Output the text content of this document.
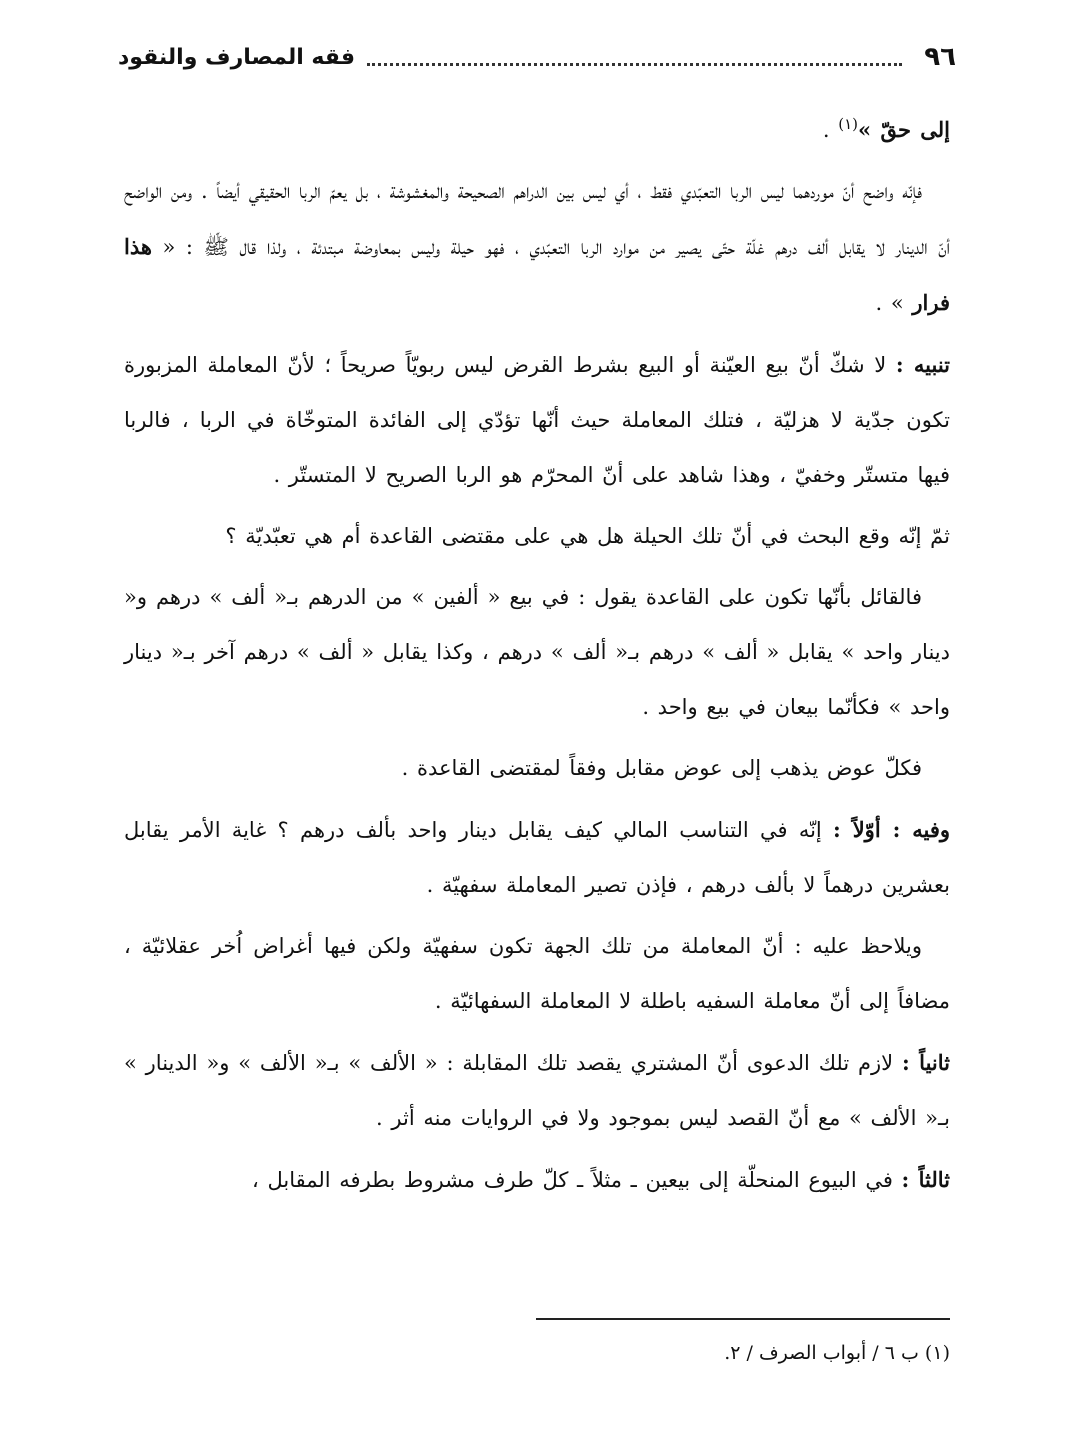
٩٦
فقه المصارف والنقود

إلى حقّ »$^{(١)}$ .

فإنّه واضح أنّ موردهما ليس الربا التعبّدي فقط ، أي ليس بين الدراهم الصحيحة والمغشوشة ، بل يعمّ الربا الحقيقي أيضاً . ومن الواضح أنّ الدينار لا يقابل ألف درهم غلّة حتّى يصير من موارد الربا التعبّدي ، فهو حيلة وليس بمعاوضة مبتدئة ، ولذا قال ﷺ : « هذا فرار » .

تنبيه : لا شكّ أنّ بيع العيّنة أو البيع بشرط القرض ليس ربويّاً صريحاً ؛ لأنّ المعاملة المزبورة تكون جدّية لا هزليّة ، فتلك المعاملة حيث أنّها تؤدّي إلى الفائدة المتوخّاة في الربا ، فالربا فيها متستّر وخفيّ ، وهذا شاهد على أنّ المحرّم هو الربا الصريح لا المتستّر .

ثمّ إنّه وقع البحث في أنّ تلك الحيلة هل هي على مقتضى القاعدة أم هي تعبّديّة ؟

فالقائل بأنّها تكون على القاعدة يقول : في بيع « ألفين » من الدرهم بـ« ألف » درهم و« دينار واحد » يقابل « ألف » درهم بـ« ألف » درهم ، وكذا يقابل « ألف » درهم آخر بـ« دينار واحد » فكأنّما بيعان في بيع واحد .

فكلّ عوض يذهب إلى عوض مقابل وفقاً لمقتضى القاعدة .

وفيه : أوّلاً : إنّه في التناسب المالي كيف يقابل دينار واحد بألف درهم ؟ غاية الأمر يقابل بعشرين درهماً لا بألف درهم ، فإذن تصير المعاملة سفهيّة .

ويلاحظ عليه : أنّ المعاملة من تلك الجهة تكون سفهيّة ولكن فيها أغراض اُخر عقلائيّة ، مضافاً إلى أنّ معاملة السفيه باطلة لا المعاملة السفهائيّة .

ثانياً : لازم تلك الدعوى أنّ المشتري يقصد تلك المقابلة : « الألف » بـ« الألف » و« الدينار » بـ« الألف » مع أنّ القصد ليس بموجود ولا في الروايات منه أثر .

ثالثاً : في البيوع المنحلّة إلى بيعين ـ مثلاً ـ كلّ طرف مشروط بطرفه المقابل ،

(١) ب ٦ / أبواب الصرف / ٢.
